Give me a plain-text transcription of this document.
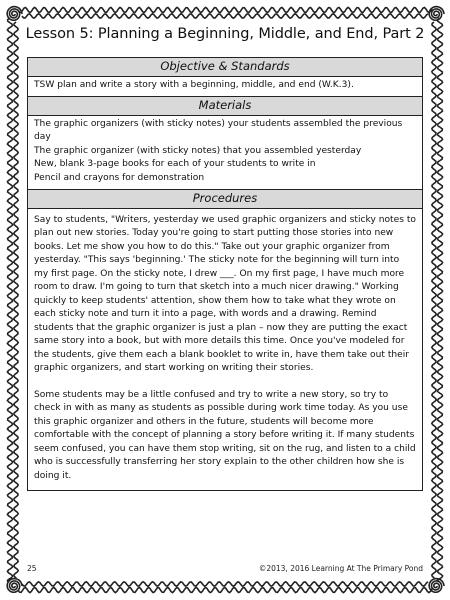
Lesson 5: Planning a Beginning, Middle, and End, Part 2
Objective & Standards
TSW plan and write a story with a beginning, middle, and end (W.K.3).
Materials
The graphic organizers (with sticky notes) your students assembled the previous day
The graphic organizer (with sticky notes) that you assembled yesterday
New, blank 3-page books for each of your students to write in
Pencil and crayons for demonstration
Procedures

Say to students, "Writers, yesterday we used graphic organizers and sticky notes to plan out new stories. Today you're going to start putting those stories into new books. Let me show you how to do this." Take out your graphic organizer from yesterday. "This says 'beginning.' The sticky note for the beginning will turn into my first page. On the sticky note, I drew ___. On my first page, I have much more room to draw. I'm going to turn that sketch into a much nicer drawing." Working quickly to keep students' attention, show them how to take what they wrote on each sticky note and turn it into a page, with words and a drawing. Remind students that the graphic organizer is just a plan – now they are putting the exact same story into a book, but with more details this time. Once you've modeled for the students, give them each a blank booklet to write in, have them take out their graphic organizers, and start working on writing their stories.

Some students may be a little confused and try to write a new story, so try to check in with as many as students as possible during work time today. As you use this graphic organizer and others in the future, students will become more comfortable with the concept of planning a story before writing it. If many students seem confused, you can have them stop writing, sit on the rug, and listen to a child who is successfully transferring her story explain to the other children how she is doing it.

25	©2013, 2016 Learning At The Primary Pond
